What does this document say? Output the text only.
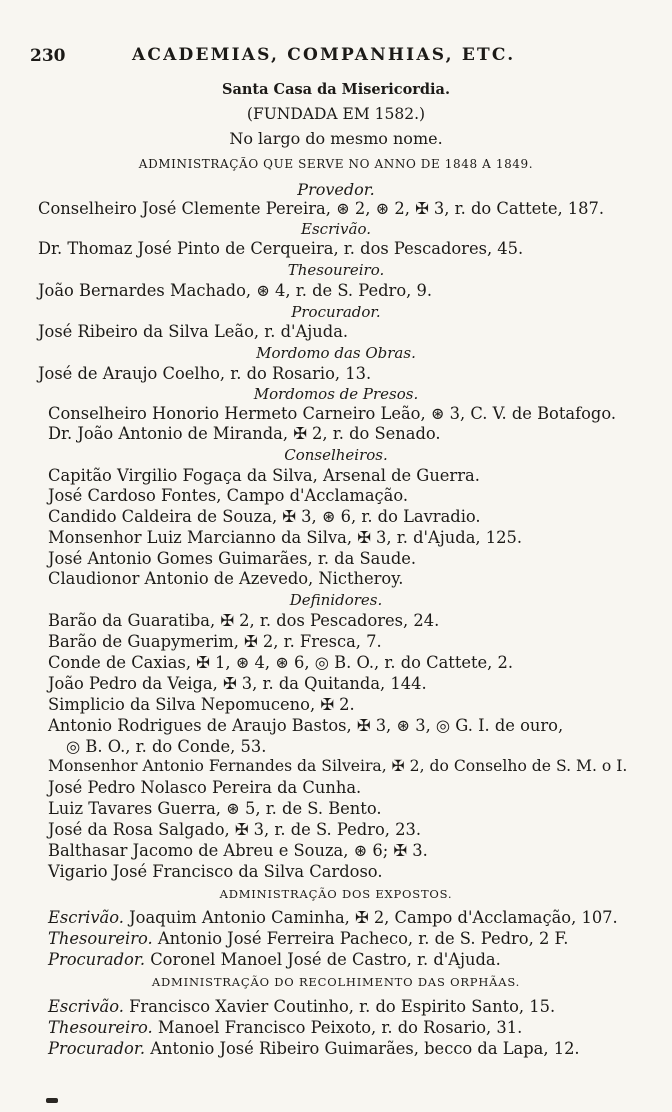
230	ACADEMIAS, COMPANHIAS, ETC.
Santa Casa da Misericordia.
(FUNDADA EM 1582.)
No largo do mesmo nome.
ADMINISTRAÇÃO QUE SERVE NO ANNO DE 1848 A 1849.
Provedor.
Conselheiro José Clemente Pereira, ⊛ 2, ⊛ 2, ✠ 3, r. do Cattete, 187.
Escrivão.
Dr. Thomaz José Pinto de Cerqueira, r. dos Pescadores, 45.
Thesoureiro.
João Bernardes Machado, ⊛ 4, r. de S. Pedro, 9.
Procurador.
José Ribeiro da Silva Leão, r. d'Ajuda.
Mordomo das Obras.
José de Araujo Coelho, r. do Rosario, 13.
Mordomos de Presos.
Conselheiro Honorio Hermeto Carneiro Leão, ⊛ 3, C. V. de Botafogo.
Dr. João Antonio de Miranda, ✠ 2, r. do Senado.
Conselheiros.
Capitão Virgilio Fogaça da Silva, Arsenal de Guerra.
José Cardoso Fontes, Campo d'Acclamação.
Candido Caldeira de Souza, ✠ 3, ⊛ 6, r. do Lavradio.
Monsenhor Luiz Marcianno da Silva, ✠ 3, r. d'Ajuda, 125.
José Antonio Gomes Guimarães, r. da Saude.
Claudionor Antonio de Azevedo, Nictheroy.
Definidores.
Barão da Guaratiba, ✠ 2, r. dos Pescadores, 24.
Barão de Guapymerim, ✠ 2, r. Fresca, 7.
Conde de Caxias, ✠ 1, ⊛ 4, ⊛ 6, ◎ B. O., r. do Cattete, 2.
João Pedro da Veiga, ✠ 3, r. da Quitanda, 144.
Simplicio da Silva Nepomuceno, ✠ 2.
Antonio Rodrigues de Araujo Bastos, ✠ 3, ⊛ 3, ◎ G. I. de ouro,
◎ B. O., r. do Conde, 53.
Monsenhor Antonio Fernandes da Silveira, ✠ 2, do Conselho de S. M. o I.
José Pedro Nolasco Pereira da Cunha.
Luiz Tavares Guerra, ⊛ 5, r. de S. Bento.
José da Rosa Salgado, ✠ 3, r. de S. Pedro, 23.
Balthasar Jacomo de Abreu e Souza, ⊛ 6; ✠ 3.
Vigario José Francisco da Silva Cardoso.
ADMINISTRAÇÃO DOS EXPOSTOS.
Escrivão. Joaquim Antonio Caminha, ✠ 2, Campo d'Acclamação, 107.
Thesoureiro. Antonio José Ferreira Pacheco, r. de S. Pedro, 2 F.
Procurador. Coronel Manoel José de Castro, r. d'Ajuda.
ADMINISTRAÇÃO DO RECOLHIMENTO DAS ORPHÃAS.
Escrivão. Francisco Xavier Coutinho, r. do Espirito Santo, 15.
Thesoureiro. Manoel Francisco Peixoto, r. do Rosario, 31.
Procurador. Antonio José Ribeiro Guimarães, becco da Lapa, 12.
